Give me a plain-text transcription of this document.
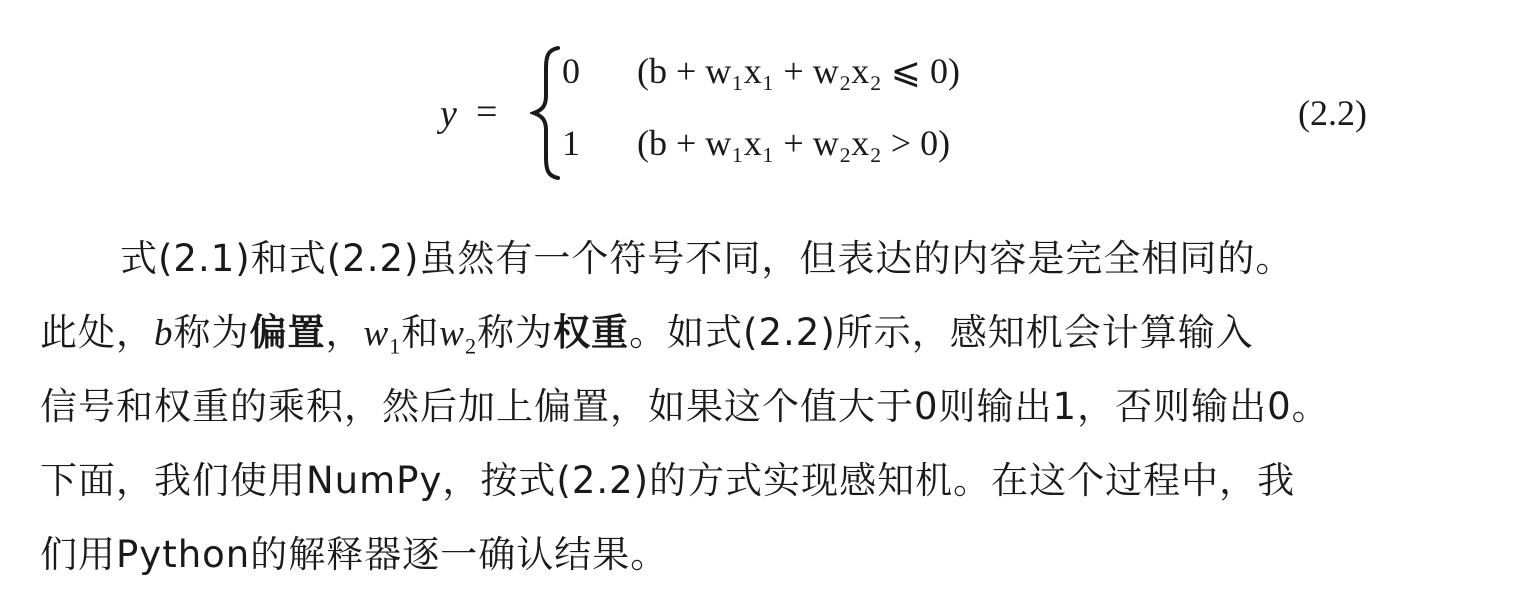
y =
0 (b + w₁x₁ + w₂x₂ ⩽ 0)
1 (b + w₁x₁ + w₂x₂ > 0)
(2.2)
式(2.1)和式(2.2)虽然有一个符号不同，但表达的内容是完全相同的。
此处，b称为偏置，$w_1$和$w_2$称为权重。如式(2.2)所示，感知机会计算输入
信号和权重的乘积，然后加上偏置，如果这个值大于0则输出1，否则输出0。
下面，我们使用NumPy，按式(2.2)的方式实现感知机。在这个过程中，我
们用Python的解释器逐一确认结果。
